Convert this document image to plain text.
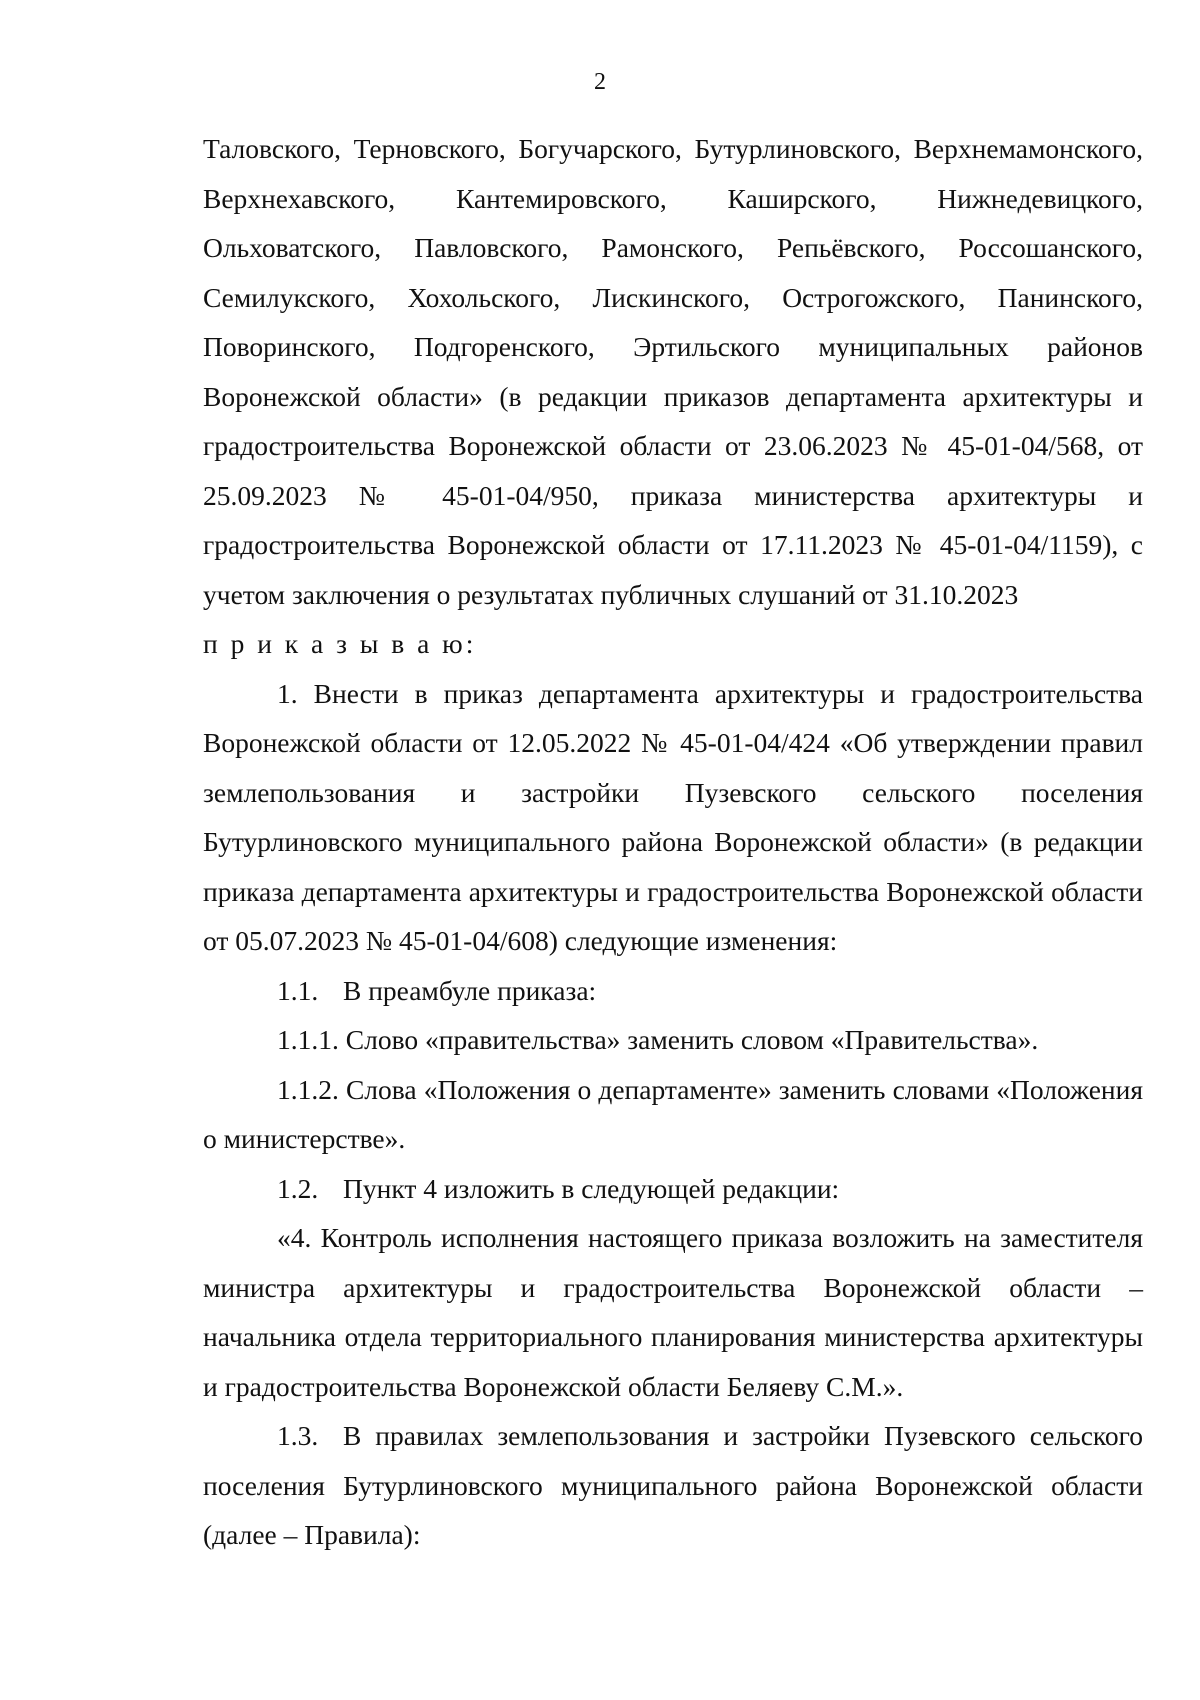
2

Таловского, Терновского, Богучарского, Бутурлиновского, Верхнемамонского, Верхнехавского, Кантемировского, Каширского, Нижнедевицкого, Ольховатского, Павловского, Рамонского, Репьёвского, Россошанского, Семилукского, Хохольского, Лискинского, Острогожского, Панинского, Поворинского, Подгоренского, Эртильского муниципальных районов Воронежской области» (в редакции приказов департамента архитектуры и градостроительства Воронежской области от 23.06.2023 № 45-01-04/568, от 25.09.2023 № 45-01-04/950, приказа министерства архитектуры и градостроительства Воронежской области от 17.11.2023 № 45-01-04/1159), с учетом заключения о результатах публичных слушаний от 31.10.2023

п р и к а з ы в а ю:

1. Внести в приказ департамента архитектуры и градостроительства Воронежской области от 12.05.2022 № 45-01-04/424 «Об утверждении правил землепользования и застройки Пузевского сельского поселения Бутурлиновского муниципального района Воронежской области» (в редакции приказа департамента архитектуры и градостроительства Воронежской области от 05.07.2023 № 45-01-04/608) следующие изменения:

1.1. В преамбуле приказа:

1.1.1. Слово «правительства» заменить словом «Правительства».

1.1.2. Слова «Положения о департаменте» заменить словами «Положения о министерстве».

1.2. Пункт 4 изложить в следующей редакции:

«4. Контроль исполнения настоящего приказа возложить на заместителя министра архитектуры и градостроительства Воронежской области – начальника отдела территориального планирования министерства архитектуры и градостроительства Воронежской области Беляеву С.М.».

1.3. В правилах землепользования и застройки Пузевского сельского поселения Бутурлиновского муниципального района Воронежской области (далее – Правила):
